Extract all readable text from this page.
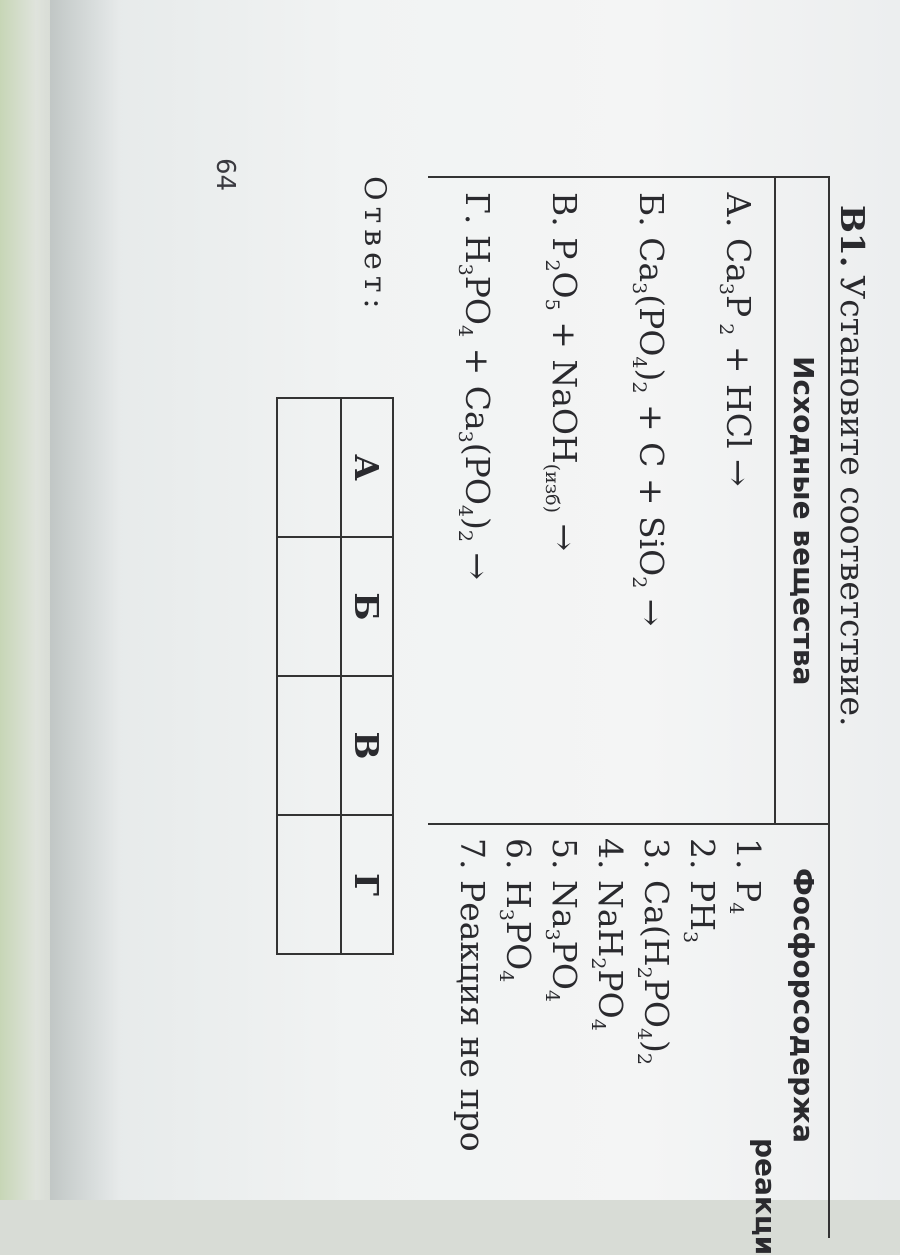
64
В1.Установите соответствие.
Исходные вещества
Фосфорсодержа
реакци
А. $Ca_3P$ $_2$ + HCl →
Б. $Ca_3(PO_4)_2 + C + SiO_2$ →
В. $P_2O_5$ + NaOH$_{(изб)}$ →
Г. $H_3PO_4 + Ca_3(PO_4)_2$ →
1. $P_4$
2. $PH_3$
3. $Ca(H_2PO_4)_2$
4. $NaH_2PO_4$
5. $Na_3PO_4$
6. $H_3PO_4$
7. Реакция не про
Ответ:
А	Б	В	Г
